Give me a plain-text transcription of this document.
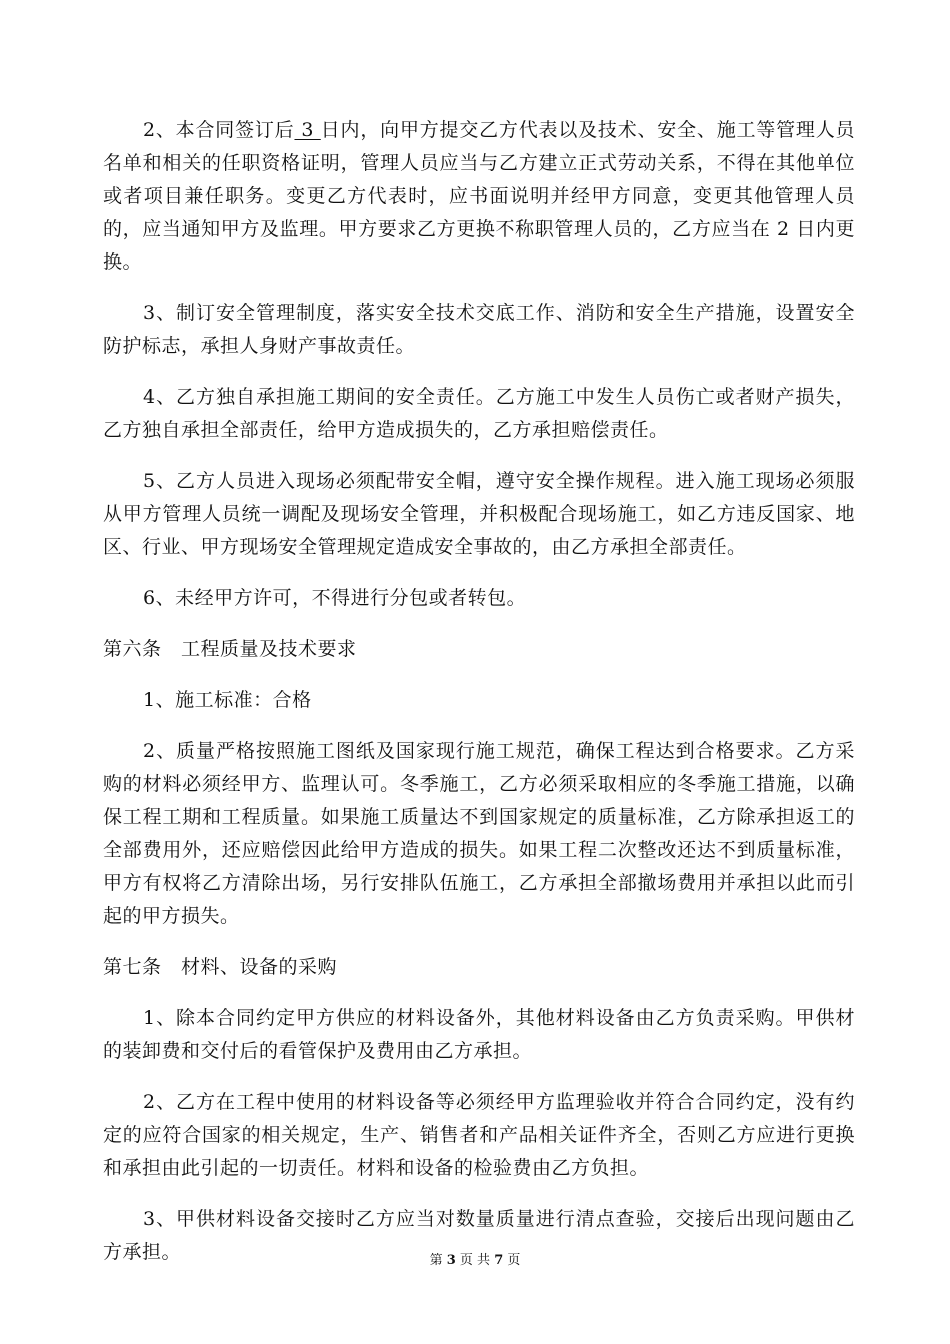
2、本合同签订后 3 日内，向甲方提交乙方代表以及技术、安全、施工等管理人员名单和相关的任职资格证明，管理人员应当与乙方建立正式劳动关系，不得在其他单位或者项目兼任职务。变更乙方代表时，应书面说明并经甲方同意，变更其他管理人员的，应当通知甲方及监理。甲方要求乙方更换不称职管理人员的，乙方应当在 2 日内更换。

3、制订安全管理制度，落实安全技术交底工作、消防和安全生产措施，设置安全防护标志，承担人身财产事故责任。

4、乙方独自承担施工期间的安全责任。乙方施工中发生人员伤亡或者财产损失，乙方独自承担全部责任，给甲方造成损失的，乙方承担赔偿责任。

5、乙方人员进入现场必须配带安全帽，遵守安全操作规程。进入施工现场必须服从甲方管理人员统一调配及现场安全管理，并积极配合现场施工，如乙方违反国家、地区、行业、甲方现场安全管理规定造成安全事故的，由乙方承担全部责任。

6、未经甲方许可，不得进行分包或者转包。

第六条　工程质量及技术要求

1、施工标准：合格

2、质量严格按照施工图纸及国家现行施工规范，确保工程达到合格要求。乙方采购的材料必须经甲方、监理认可。冬季施工，乙方必须采取相应的冬季施工措施，以确保工程工期和工程质量。如果施工质量达不到国家规定的质量标准，乙方除承担返工的全部费用外，还应赔偿因此给甲方造成的损失。如果工程二次整改还达不到质量标准，甲方有权将乙方清除出场，另行安排队伍施工，乙方承担全部撤场费用并承担以此而引起的甲方损失。

第七条　材料、设备的采购

1、除本合同约定甲方供应的材料设备外，其他材料设备由乙方负责采购。甲供材的装卸费和交付后的看管保护及费用由乙方承担。

2、乙方在工程中使用的材料设备等必须经甲方监理验收并符合合同约定，没有约定的应符合国家的相关规定，生产、销售者和产品相关证件齐全，否则乙方应进行更换和承担由此引起的一切责任。材料和设备的检验费由乙方负担。

3、甲供材料设备交接时乙方应当对数量质量进行清点查验，交接后出现问题由乙方承担。	第 3 页 共 7 页
